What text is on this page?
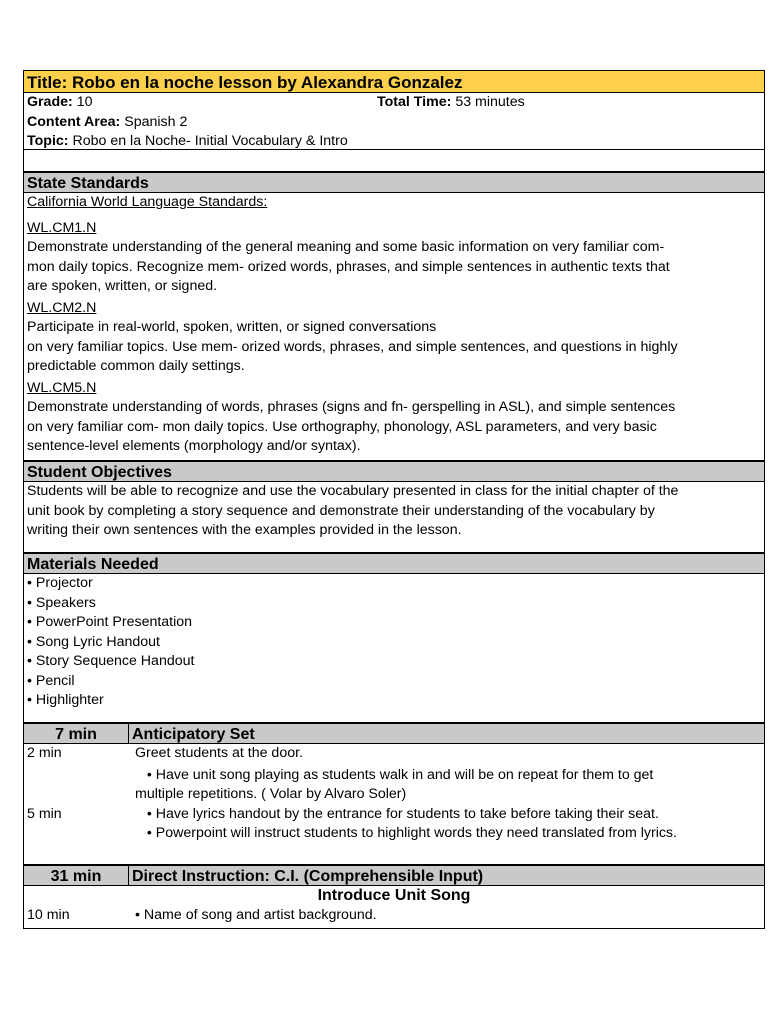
Title: Robo en la noche lesson by Alexandra Gonzalez
Grade: 10	Total Time: 53 minutes
Content Area: Spanish 2
Topic: Robo en la Noche- Initial Vocabulary & Intro
State Standards
California World Language Standards:
WL.CM1.N
Demonstrate understanding of the general meaning and some basic information on very familiar com-
mon daily topics. Recognize mem- orized words, phrases, and simple sentences in authentic texts that
are spoken, written, or signed.
WL.CM2.N
Participate in real-world, spoken, written, or signed conversations
on very familiar topics. Use mem- orized words, phrases, and simple sentences, and questions in highly
predictable common daily settings.
WL.CM5.N
Demonstrate understanding of words, phrases (signs and fn- gerspelling in ASL), and simple sentences
on very familiar com- mon daily topics. Use orthography, phonology, ASL parameters, and very basic
sentence-level elements (morphology and/or syntax).
Student Objectives
Students will be able to recognize and use the vocabulary presented in class for the initial chapter of the
unit book by completing a story sequence and demonstrate their understanding of the vocabulary by
writing their own sentences with the examples provided in the lesson.
Materials Needed
• Projector
• Speakers
• PowerPoint Presentation
• Song Lyric Handout
• Story Sequence Handout
• Pencil
• Highlighter
7 min	Anticipatory Set
2 min	Greet students at the door.
• Have unit song playing as students walk in and will be on repeat for them to get
multiple repetitions. ( Volar by Alvaro Soler)
5 min	• Have lyrics handout by the entrance for students to take before taking their seat.
• Powerpoint will instruct students to highlight words they need translated from lyrics.
31 min	Direct Instruction: C.I. (Comprehensible Input)
Introduce Unit Song
10 min	• Name of song and artist background.
